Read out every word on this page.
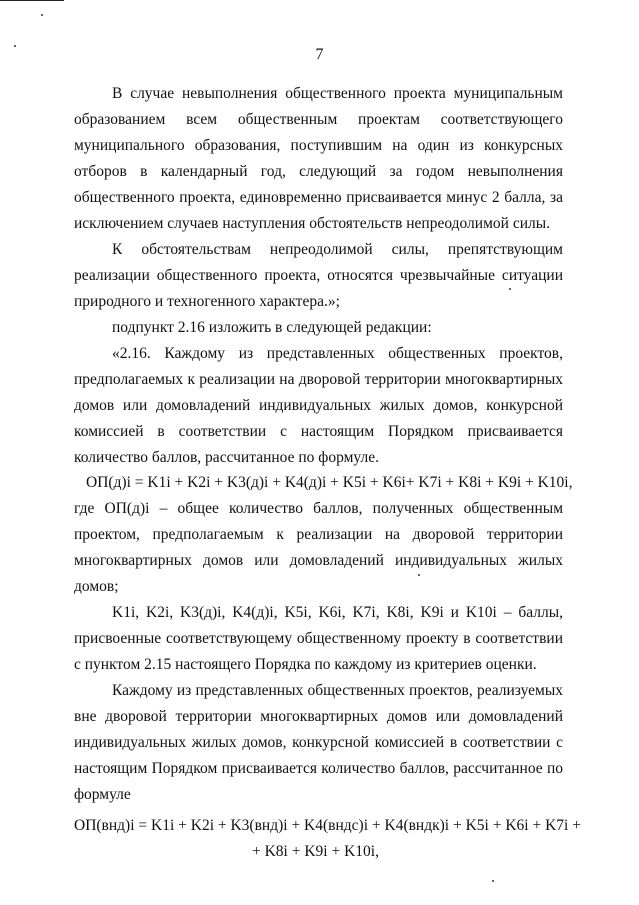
7

В случае невыполнения общественного проекта муниципальным образованием всем общественным проектам соответствующего муниципального образования, поступившим на один из конкурсных отборов в календарный год, следующий за годом невыполнения общественного проекта, единовременно присваивается минус 2 балла, за исключением случаев наступления обстоятельств непреодолимой силы.

К обстоятельствам непреодолимой силы, препятствующим реализации общественного проекта, относятся чрезвычайные ситуации природного и техногенного характера.»;

подпункт 2.16 изложить в следующей редакции:

«2.16. Каждому из представленных общественных проектов, предполагаемых к реализации на дворовой территории многоквартирных домов или домовладений индивидуальных жилых домов, конкурсной комиссией в соответствии с настоящим Порядком присваивается количество баллов, рассчитанное по формуле.

ОП(д)i = K1i + K2i + K3(д)i + K4(д)i + K5i + K6i+ K7i + K8i + K9i + K10i,

где ОП(д)i – общее количество баллов, полученных общественным проектом, предполагаемым к реализации на дворовой территории многоквартирных домов или домовладений индивидуальных жилых домов;

K1i, K2i, K3(д)i, K4(д)i, K5i, K6i, K7i, K8i, K9i и K10i – баллы, присвоенные соответствующему общественному проекту в соответствии с пунктом 2.15 настоящего Порядка по каждому из критериев оценки.

Каждому из представленных общественных проектов, реализуемых вне дворовой территории многоквартирных домов или домовладений индивидуальных жилых домов, конкурсной комиссией в соответствии с настоящим Порядком присваивается количество баллов, рассчитанное по формуле

ОП(внд)i = K1i + K2i + K3(внд)i + K4(вндс)i + K4(вндк)i + K5i + K6i + K7i +
+ K8i + K9i + K10i,
